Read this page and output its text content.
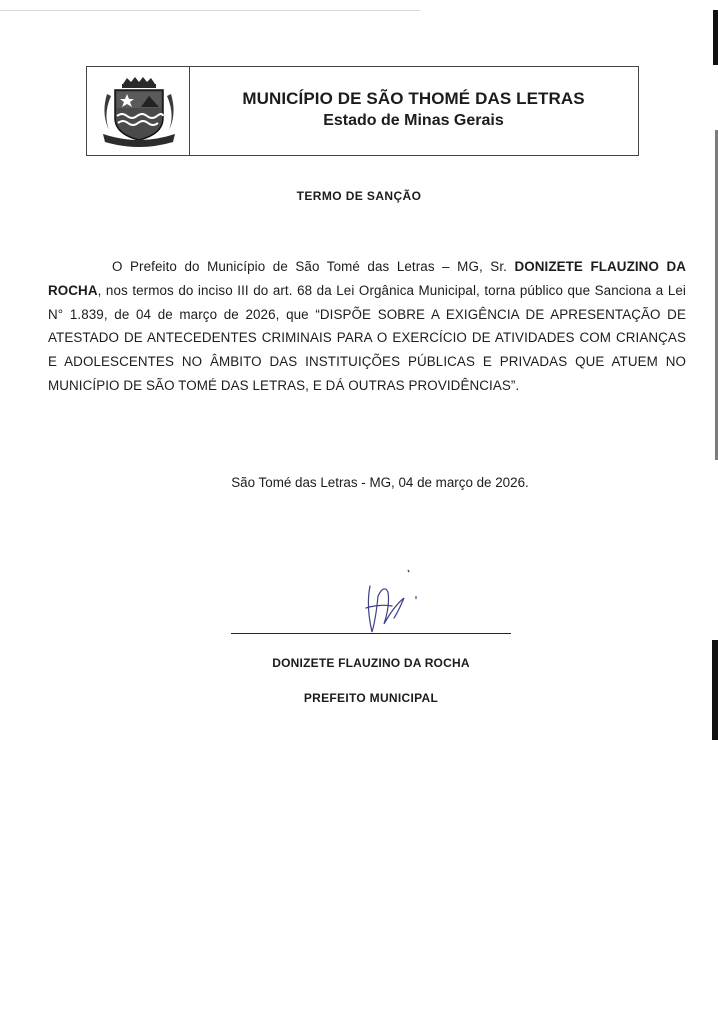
MUNICÍPIO DE SÃO THOMÉ DAS LETRAS
Estado de Minas Gerais
TERMO DE SANÇÃO

O Prefeito do Município de São Tomé das Letras – MG, Sr. DONIZETE FLAUZINO DA ROCHA, nos termos do inciso III do art. 68 da Lei Orgânica Municipal, torna público que Sanciona a Lei N° 1.839, de 04 de março de 2026, que “DISPÕE SOBRE A EXIGÊNCIA DE APRESENTAÇÃO DE ATESTADO DE ANTECEDENTES CRIMINAIS PARA O EXERCÍCIO DE ATIVIDADES COM CRIANÇAS E ADOLESCENTES NO ÂMBITO DAS INSTITUIÇÕES PÚBLICAS E PRIVADAS QUE ATUEM NO MUNICÍPIO DE SÃO TOMÉ DAS LETRAS, E DÁ OUTRAS PROVIDÊNCIAS”.

São Tomé das Letras - MG, 04 de março de 2026.
DONIZETE FLAUZINO DA ROCHA
PREFEITO MUNICIPAL
